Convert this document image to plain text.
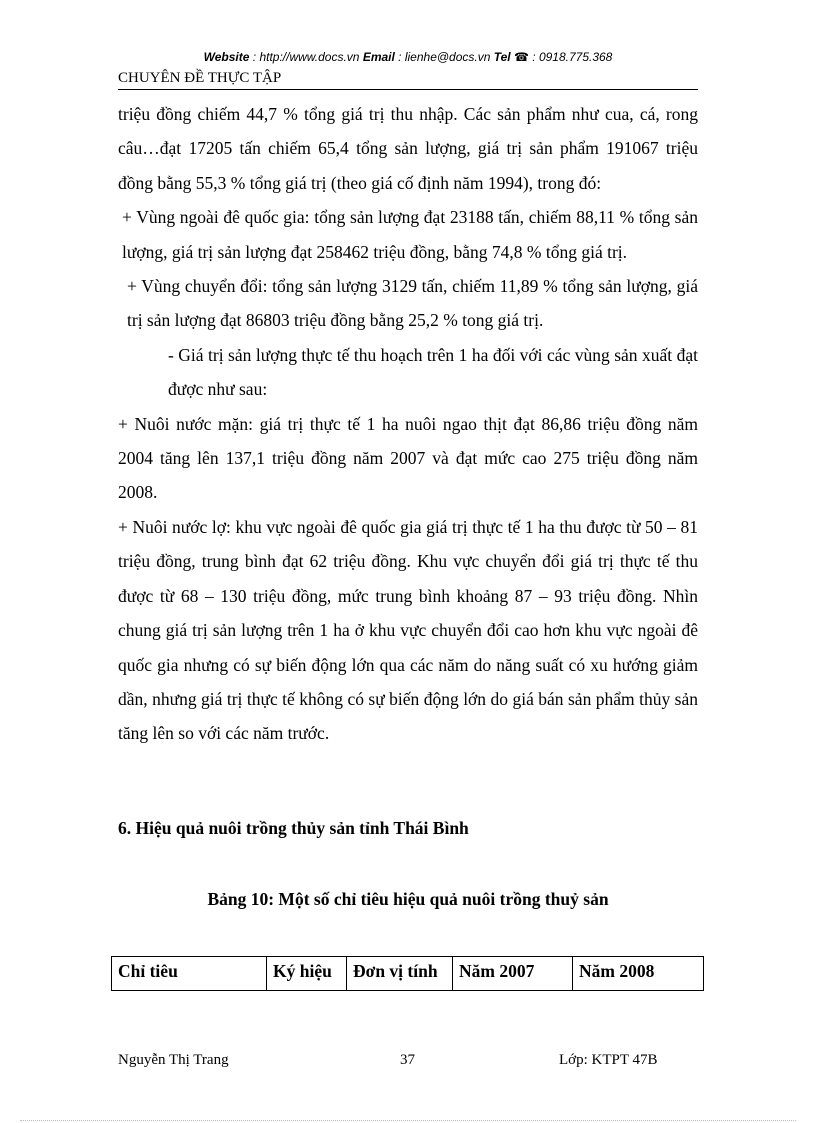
Website : http://www.docs.vn Email : lienhe@docs.vn Tel ☎ : 0918.775.368
CHUYÊN ĐỀ THỰC TẬP

triệu đồng chiếm 44,7 % tổng giá trị thu nhập. Các sản phẩm như cua, cá, rong câu…đạt 17205 tấn chiếm 65,4 tổng sản lượng, giá trị sản phẩm 191067 triệu đồng bằng 55,3 % tổng giá trị (theo giá cố định năm 1994), trong đó:

+ Vùng ngoài đê quốc gia: tổng sản lượng đạt 23188 tấn, chiếm 88,11 % tổng sản lượng, giá trị sản lượng đạt 258462 triệu đồng, bằng 74,8 % tổng giá trị.

+ Vùng chuyển đổi: tổng sản lượng 3129 tấn, chiếm 11,89 % tổng sản lượng, giá trị sản lượng đạt 86803 triệu đồng bằng 25,2 % tong giá trị.

- Giá trị sản lượng thực tế thu hoạch trên 1 ha đối với các vùng sản xuất đạt được như sau:

+ Nuôi nước mặn: giá trị thực tế 1 ha nuôi ngao thịt đạt 86,86 triệu đồng năm 2004 tăng lên 137,1 triệu đồng năm 2007 và đạt mức cao 275 triệu đồng năm 2008.

+ Nuôi nước lợ: khu vực ngoài đê quốc gia giá trị thực tế 1 ha thu được từ 50 – 81 triệu đồng, trung bình đạt 62 triệu đồng. Khu vực chuyển đổi giá trị thực tế thu được từ 68 – 130 triệu đồng, mức trung bình khoảng 87 – 93 triệu đồng. Nhìn chung giá trị sản lượng trên 1 ha ở khu vực chuyển đổi cao hơn khu vực ngoài đê quốc gia nhưng có sự biến động lớn qua các năm do năng suất có xu hướng giảm dần, nhưng giá trị thực tế không có sự biến động lớn do giá bán sản phẩm thủy sản tăng lên so với các năm trước.

6. Hiệu quả nuôi trồng thủy sản tỉnh Thái Bình
Bảng 10: Một số chỉ tiêu hiệu quả nuôi trồng thuỷ sản
Chỉ tiêu	Ký hiệu	Đơn vị tính	Năm 2007	Năm 2008
Nguyễn Thị Trang	37	Lớp: KTPT 47B
